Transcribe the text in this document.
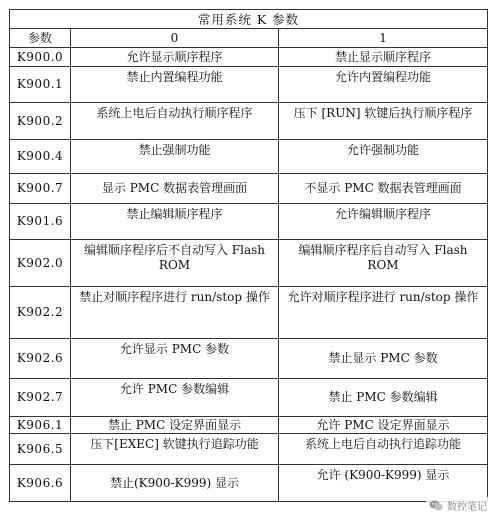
常用系统 K 参数		
参数	0	1
K900.0	允许显示顺序程序	禁止显示顺序程序
K900.1	禁止内置编程功能	允许内置编程功能
K900.2	系统上电后自动执行顺序程序	压下 [RUN] 软键后执行顺序程序
K900.4	禁止强制功能	允许强制功能
K900.7	显示 PMC 数据表管理画面	不显示 PMC 数据表管理画面
K901.6	禁止编辑顺序程序	允许编辑顺序程序
K902.0	编辑顺序程序后不自动写入 Flash ROM	编辑顺序程序后自动写入 Flash ROM
K902.2	禁止对顺序程序进行 run/stop 操作	允许对顺序程序进行 run/stop 操作
K902.6	允许显示 PMC 参数	禁止显示 PMC 参数
K902.7	允许 PMC 参数编辑	禁止 PMC 参数编辑
K906.1	禁止 PMC 设定界面显示	允许 PMC 设定界面显示
K906.5	压下[EXEC] 软键执行追踪功能	系统上电后自动执行追踪功能
K906.6	禁止(K900-K999) 显示	允许 (K900-K999) 显示
数控笔记
